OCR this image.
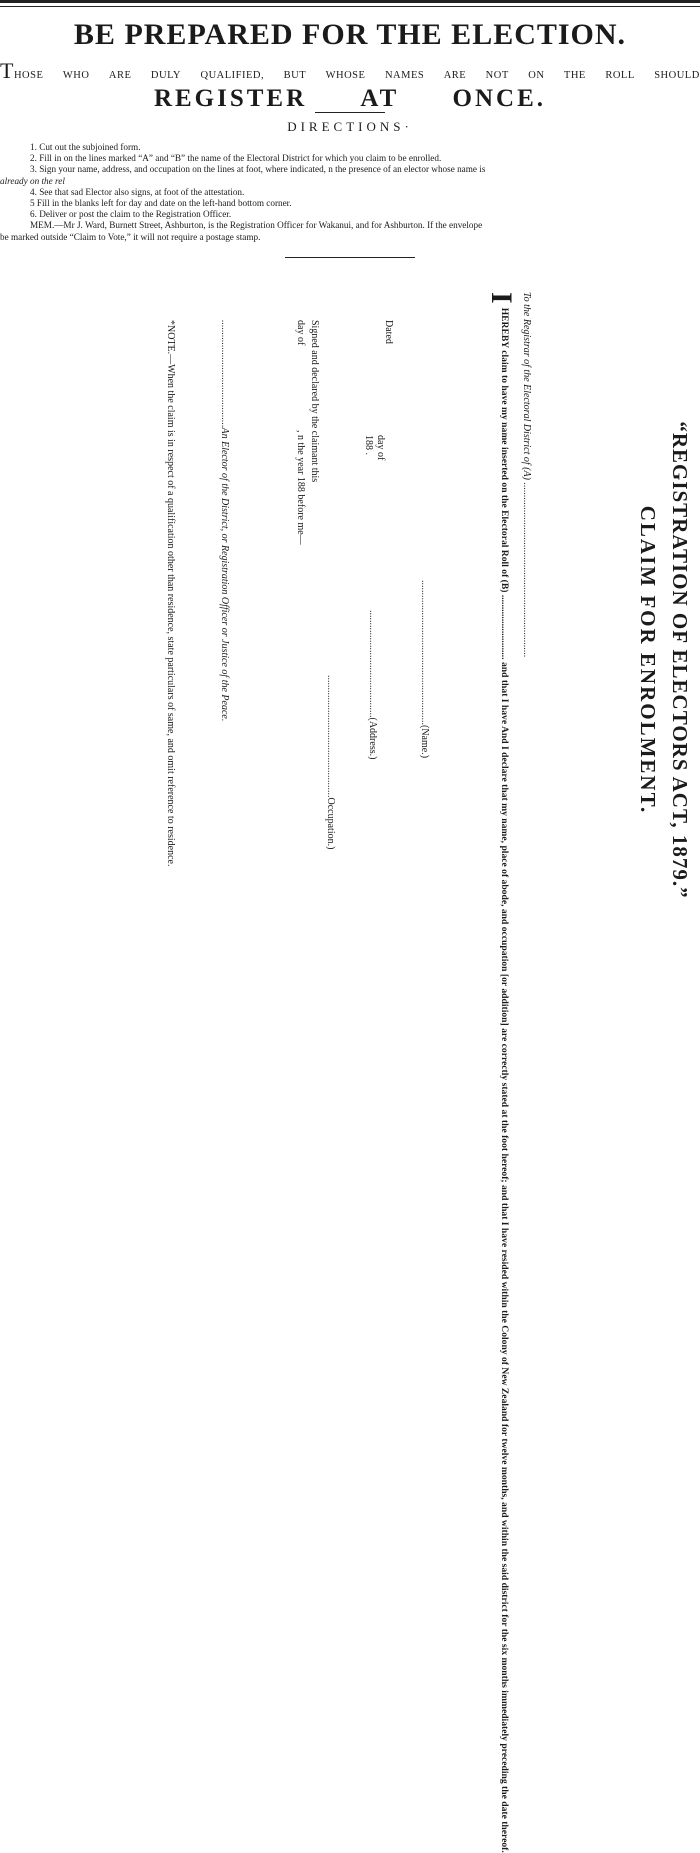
BE PREPARED FOR THE ELECTION.
THOSE WHO ARE DULY QUALIFIED, BUT WHOSE NAMES ARE NOT ON THE ROLL SHOULD
REGISTER AT ONCE.
DIRECTIONS·
1. Cut out the subjoined form.
2. Fill in on the lines marked “A” and “B” the name of the Electoral District for which you claim to be enrolled.
3. Sign your name, address, and occupation on the lines at foot, where indicated, n the presence of an elector whose name is
already on the rel
4. See that sad Elector also signs, at foot of the attestation.
5 Fill in the blanks left for day and date on the left-hand bottom corner.
6. Deliver or post the claim to the Registration Officer.
MEM.—Mr J. Ward, Burnett Street, Ashburton, is the Registration Officer for Wakanui, and for Ashburton. If the envelope
be marked outside “Claim to Vote,” it will not require a postage stamp.
“REGISTRATION OF ELECTORS ACT, 1879.”
CLAIM FOR ENROLMENT.
To the Registrar of the Electoral District of (A) ......................................................................
I
HEREBY claim to have my name inserted on the Electoral Roll of (B) ........................... and that I have And I declare that my name, place of abode, and occupation [or addition] are correctly stated at the foot hereof; and that I have resided within the Colony of New Zealand for twelve months, and within the said district for the six months immediately preceding the date thereof.
..........................................................(Name.)
Dated
day of
188 .
...........................................(Address.)
Signed and declared by the claimant this
day of
, n the year 188 before me—
.................................................Occupation.)
...........................................An Elector of the District, or Registration Officer or Justice of the Peace.
*NOTE.—When the claim is in respect of a qualification other than residence, state particulars of same, and omit reference to residence.
